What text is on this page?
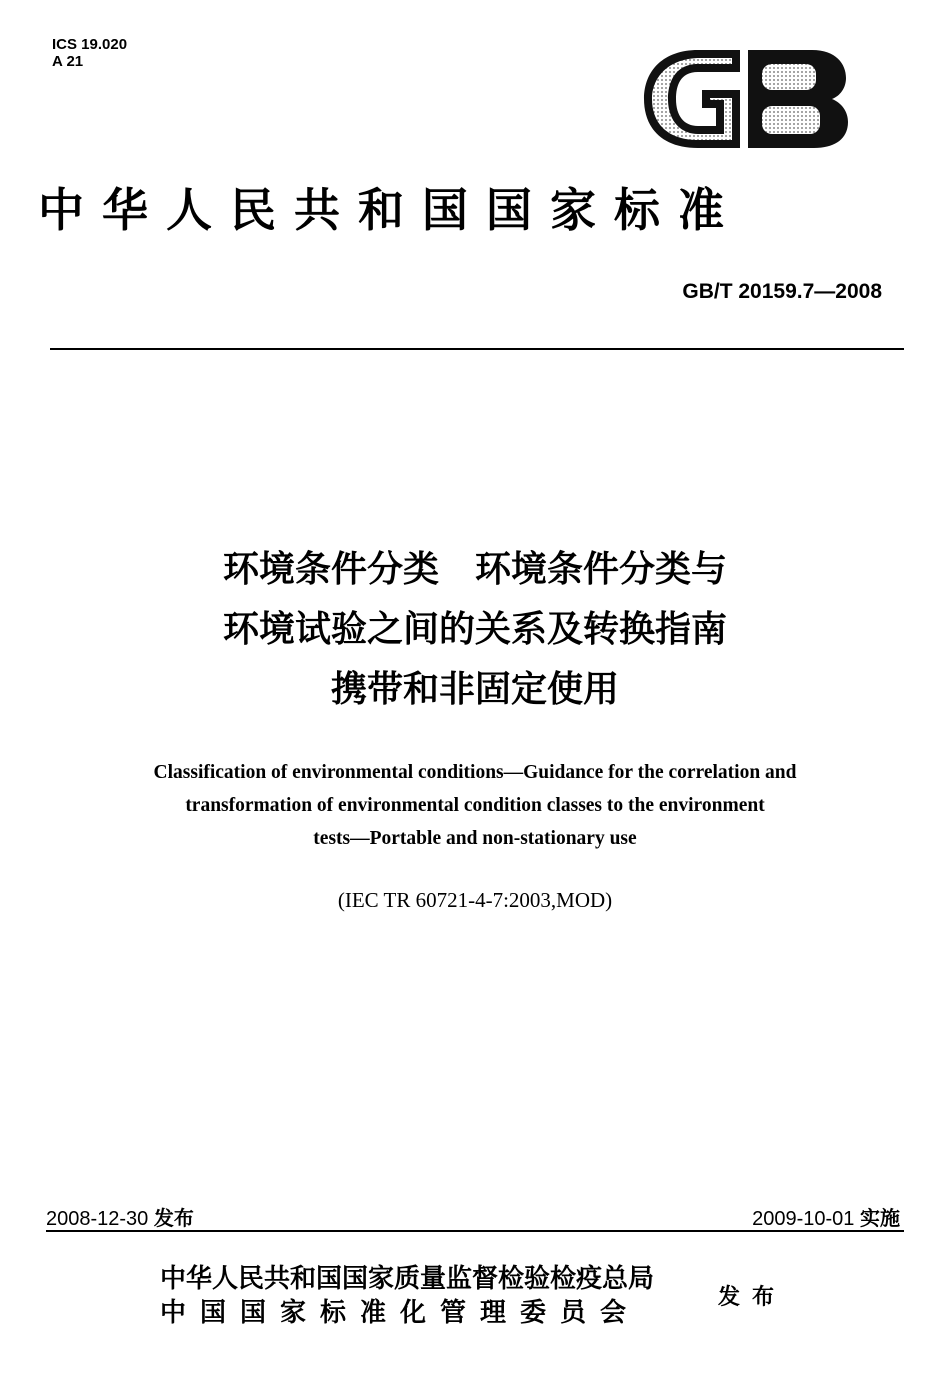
ICS 19.020
A 21
中华人民共和国国家标准
GB/T 20159.7—2008
环境条件分类　环境条件分类与
环境试验之间的关系及转换指南
携带和非固定使用
Classification of environmental conditions—Guidance for the correlation and
transformation of environmental condition classes to the environment
tests—Portable and non-stationary use
(IEC TR 60721-4-7:2003,MOD)
2008-12-30 发布	2009-10-01 实施
中华人民共和国国家质量监督检验检疫总局
中国国家标准化管理委员会
发布
